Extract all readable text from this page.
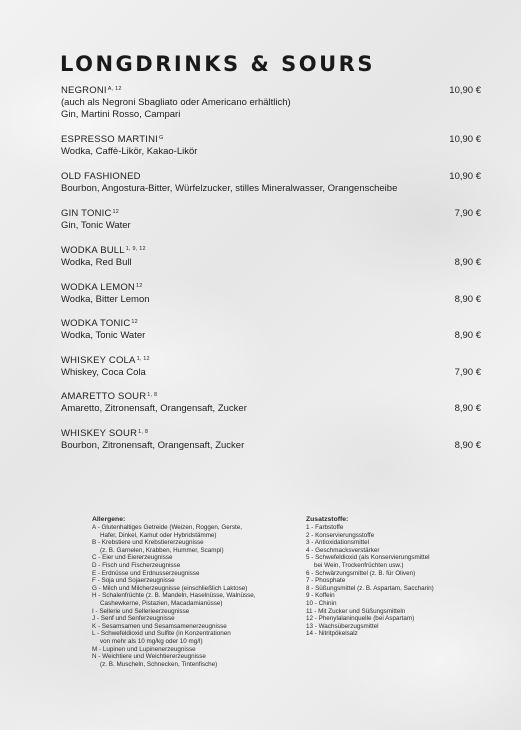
LONGDRINKS & SOURS
$NEGRONI^{A, 12}$
(auch als Negroni Sbagliato oder Americano erhältlich)
Gin, Martini Rosso, Campari
10,90 €
ESPRESSO $MARTINI^G$
Wodka, Caffè-Likör, Kakao-Likör
10,90 €
OLD FASHIONED
Bourbon, Angostura-Bitter, Würfelzucker, stilles Mineralwasser, Orangenscheibe
10,90 €
GIN TONIC$^{12}$
Gin, Tonic Water
7,90 €
WODKA BULL$^{1, 9, 12}$
Wodka, Red Bull	8,90 €
WODKA LEMON$^{12}$
Wodka, Bitter Lemon	8,90 €
WODKA TONIC$^{12}$
Wodka, Tonic Water	8,90 €
WHISKEY COLA$^{1, 12}$
Whiskey, Coca Cola	7,90 €
AMARETTO SOUR$^{1, 8}$
Amaretto, Zitronensaft, Orangensaft, Zucker	8,90 €
WHISKEY SOUR$^{1, 8}$
Bourbon, Zitronensaft, Orangensaft, Zucker	8,90 €
Allergene:
A - Glutenhaltiges Getreide (Weizen, Roggen, Gerste,
Hafer, Dinkel, Kamut oder Hybridstämme)
B - Krebstiere und Krebstiererzeugnisse
(z. B. Garnelen, Krabben, Hummer, Scampi)
C - Eier und Eiererzeugnisse
D - Fisch und Fischerzeugnisse
E - Erdnüsse und Erdnusserzeugnisse
F - Soja und Sojaerzeugnisse
G - Milch und Milcherzeugnisse (einschließlich Laktose)
H - Schalenfrüchte (z. B. Mandeln, Haselnüsse, Walnüsse,
Cashewkerne, Pistazien, Macadamianüsse)
I - Sellerie und Sellerieerzeugnisse
J - Senf und Senferzeugnisse
K - Sesamsamen und Sesamsamenerzeugnisse
L - Schwefeldioxid und Sulfite (in Konzentrationen
von mehr als 10 mg/kg oder 10 mg/l)
M - Lupinen und Lupinenerzeugnisse
N - Weichtiere und Weichtiererzeugnisse
(z. B. Muscheln, Schnecken, Tintenfische)
Zusatzstoffe:
1 - Farbstoffe
2 - Konservierungsstoffe
3 - Antioxidationsmittel
4 - Geschmacksverstärker
5 - Schwefeldioxid (als Konservierungsmittel
bei Wein, Trockenfrüchten usw.)
6 - Schwärzungsmittel (z. B. für Oliven)
7 - Phosphate
8 - Süßungsmittel (z. B. Aspartam, Saccharin)
9 - Koffein
10 - Chinin
11 - Mit Zucker und Süßungsmitteln
12 - Phenylalaninquelle (bei Aspartam)
13 - Wachsüberzugsmittel
14 - Nitritpökelsalz
